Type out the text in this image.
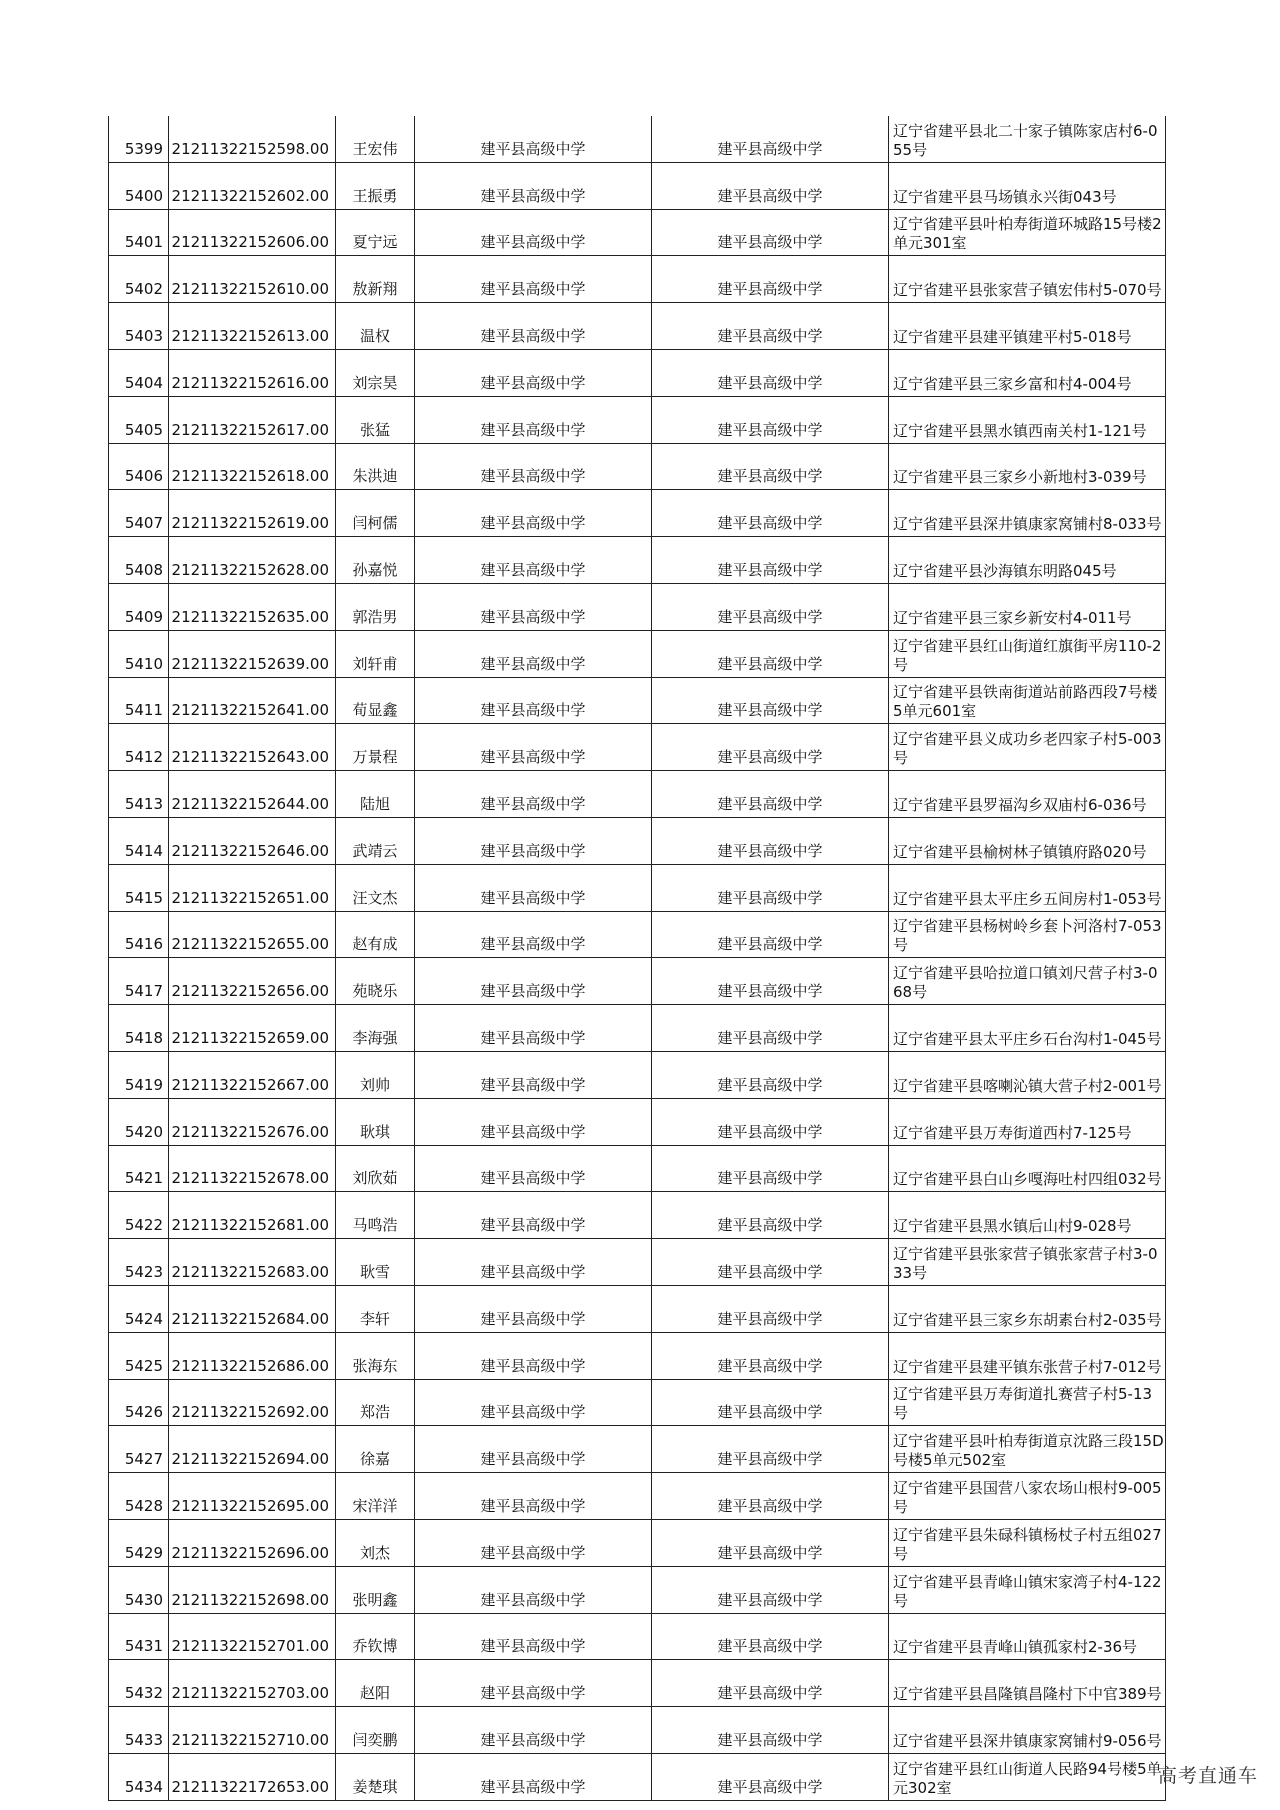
5399	21211322152598.00	王宏伟	建平县高级中学	建平县高级中学	辽宁省建平县北二十家子镇陈家店村6-055号
5400	21211322152602.00	王振勇	建平县高级中学	建平县高级中学	辽宁省建平县马场镇永兴街043号
5401	21211322152606.00	夏宁远	建平县高级中学	建平县高级中学	辽宁省建平县叶柏寿街道环城路15号楼2单元301室
5402	21211322152610.00	敖新翔	建平县高级中学	建平县高级中学	辽宁省建平县张家营子镇宏伟村5-070号
5403	21211322152613.00	温权	建平县高级中学	建平县高级中学	辽宁省建平县建平镇建平村5-018号
5404	21211322152616.00	刘宗昊	建平县高级中学	建平县高级中学	辽宁省建平县三家乡富和村4-004号
5405	21211322152617.00	张猛	建平县高级中学	建平县高级中学	辽宁省建平县黑水镇西南关村1-121号
5406	21211322152618.00	朱洪迪	建平县高级中学	建平县高级中学	辽宁省建平县三家乡小新地村3-039号
5407	21211322152619.00	闫柯儒	建平县高级中学	建平县高级中学	辽宁省建平县深井镇康家窝铺村8-033号
5408	21211322152628.00	孙嘉悦	建平县高级中学	建平县高级中学	辽宁省建平县沙海镇东明路045号
5409	21211322152635.00	郭浩男	建平县高级中学	建平县高级中学	辽宁省建平县三家乡新安村4-011号
5410	21211322152639.00	刘轩甫	建平县高级中学	建平县高级中学	辽宁省建平县红山街道红旗街平房110-2号
5411	21211322152641.00	荀显鑫	建平县高级中学	建平县高级中学	辽宁省建平县铁南街道站前路西段7号楼5单元601室
5412	21211322152643.00	万景程	建平县高级中学	建平县高级中学	辽宁省建平县义成功乡老四家子村5-003号
5413	21211322152644.00	陆旭	建平县高级中学	建平县高级中学	辽宁省建平县罗福沟乡双庙村6-036号
5414	21211322152646.00	武靖云	建平县高级中学	建平县高级中学	辽宁省建平县榆树林子镇镇府路020号
5415	21211322152651.00	汪文杰	建平县高级中学	建平县高级中学	辽宁省建平县太平庄乡五间房村1-053号
5416	21211322152655.00	赵有成	建平县高级中学	建平县高级中学	辽宁省建平县杨树岭乡套卜河洛村7-053号
5417	21211322152656.00	苑晓乐	建平县高级中学	建平县高级中学	辽宁省建平县哈拉道口镇刘尺营子村3-068号
5418	21211322152659.00	李海强	建平县高级中学	建平县高级中学	辽宁省建平县太平庄乡石台沟村1-045号
5419	21211322152667.00	刘帅	建平县高级中学	建平县高级中学	辽宁省建平县喀喇沁镇大营子村2-001号
5420	21211322152676.00	耿琪	建平县高级中学	建平县高级中学	辽宁省建平县万寿街道西村7-125号
5421	21211322152678.00	刘欣茹	建平县高级中学	建平县高级中学	辽宁省建平县白山乡嘎海吐村四组032号
5422	21211322152681.00	马鸣浩	建平县高级中学	建平县高级中学	辽宁省建平县黑水镇后山村9-028号
5423	21211322152683.00	耿雪	建平县高级中学	建平县高级中学	辽宁省建平县张家营子镇张家营子村3-033号
5424	21211322152684.00	李轩	建平县高级中学	建平县高级中学	辽宁省建平县三家乡东胡素台村2-035号
5425	21211322152686.00	张海东	建平县高级中学	建平县高级中学	辽宁省建平县建平镇东张营子村7-012号
5426	21211322152692.00	郑浩	建平县高级中学	建平县高级中学	辽宁省建平县万寿街道扎赛营子村5-13号
5427	21211322152694.00	徐嘉	建平县高级中学	建平县高级中学	辽宁省建平县叶柏寿街道京沈路三段15D号楼5单元502室
5428	21211322152695.00	宋洋洋	建平县高级中学	建平县高级中学	辽宁省建平县国营八家农场山根村9-005号
5429	21211322152696.00	刘杰	建平县高级中学	建平县高级中学	辽宁省建平县朱碌科镇杨杖子村五组027号
5430	21211322152698.00	张明鑫	建平县高级中学	建平县高级中学	辽宁省建平县青峰山镇宋家湾子村4-122号
5431	21211322152701.00	乔钦博	建平县高级中学	建平县高级中学	辽宁省建平县青峰山镇孤家村2-36号
5432	21211322152703.00	赵阳	建平县高级中学	建平县高级中学	辽宁省建平县昌隆镇昌隆村下中官389号
5433	21211322152710.00	闫奕鹏	建平县高级中学	建平县高级中学	辽宁省建平县深井镇康家窝铺村9-056号
5434	21211322172653.00	姜楚琪	建平县高级中学	建平县高级中学	辽宁省建平县红山街道人民路94号楼5单元302室
高考直通车
